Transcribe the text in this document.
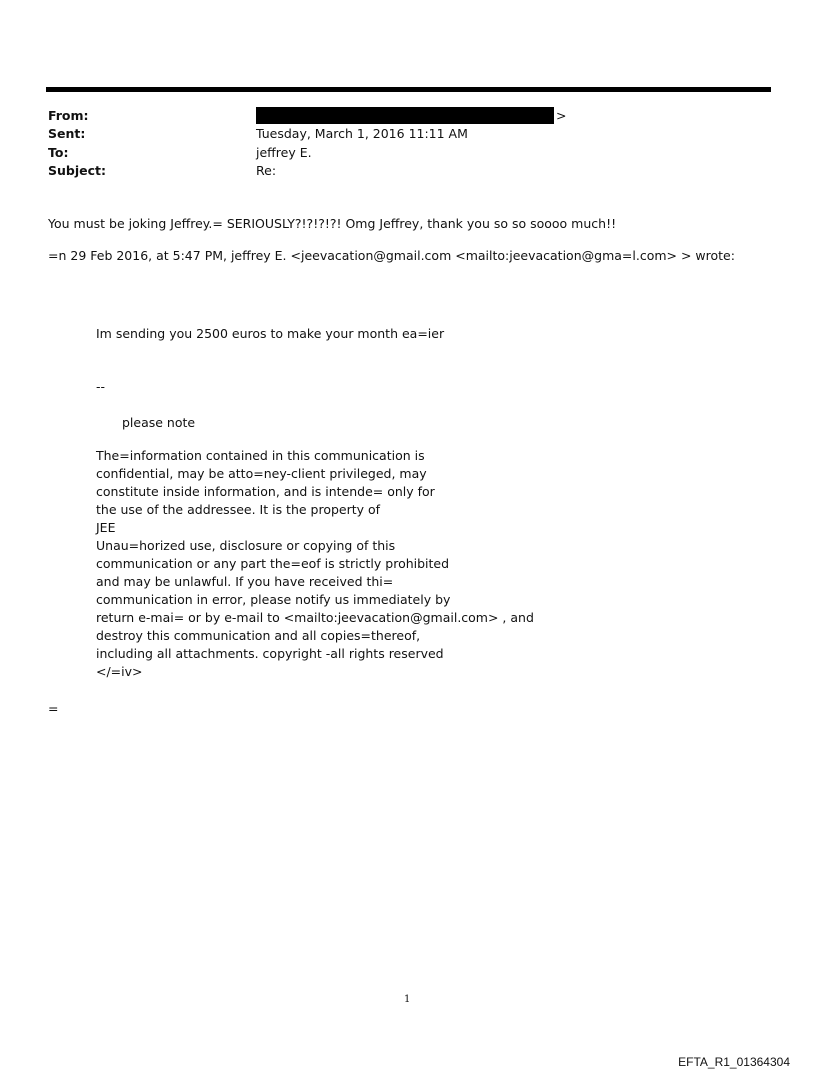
From:	>
Sent:	Tuesday, March 1, 2016 11:11 AM
To:	jeffrey E.
Subject:	Re:
You must be joking Jeffrey.= SERIOUSLY?!?!?!?! Omg Jeffrey, thank you so so soooo much!!
=n 29 Feb 2016, at 5:47 PM, jeffrey E. <jeevacation@gmail.com <mailto:jeevacation@gma=l.com> > wrote:
Im sending you 2500 euros to make your month ea=ier
--
please note
The=information contained in this communication is
confidential, may be atto=ney-client privileged, may
constitute inside information, and is intende= only for
the use of the addressee. It is the property of
JEE
Unau=horized use, disclosure or copying of this
communication or any part the=eof is strictly prohibited
and may be unlawful. If you have received thi=
communication in error, please notify us immediately by
return e-mai= or by e-mail to <mailto:jeevacation@gmail.com> , and
destroy this communication and all copies=thereof,
including all attachments. copyright -all rights reserved
</=iv>
=
1
EFTA_R1_01364304
